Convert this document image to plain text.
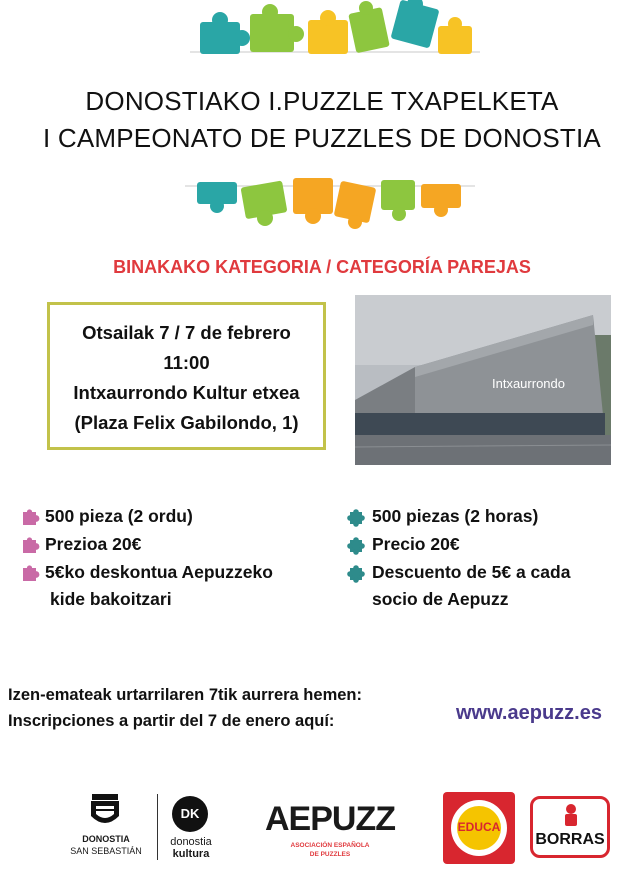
DONOSTIAKO I.PUZZLE TXAPELKETA
I CAMPEONATO DE PUZZLES DE DONOSTIA
BINAKAKO KATEGORIA / CATEGORÍA PAREJAS
Otsailak 7 / 7 de febrero
11:00
Intxaurrondo Kultur etxea
(Plaza Felix Gabilondo, 1)
Intxaurrondo
500 pieza (2 ordu)
Prezioa 20€
5€ko deskontua Aepuzzeko
kide bakoitzari
500 piezas (2 horas)
Precio 20€
Descuento de 5€ a cada
socio de Aepuzz
Izen-emateak urtarrilaren 7tik aurrera hemen:
Inscripciones a partir del 7 de enero aquí:	www.aepuzz.es
DONOSTIA
SAN SEBASTIÁN
DK
donostia
kultura
AEPUZZ
ASOCIACIÓN ESPAÑOLA
DE PUZZLES
EDUCA
BORRAS
